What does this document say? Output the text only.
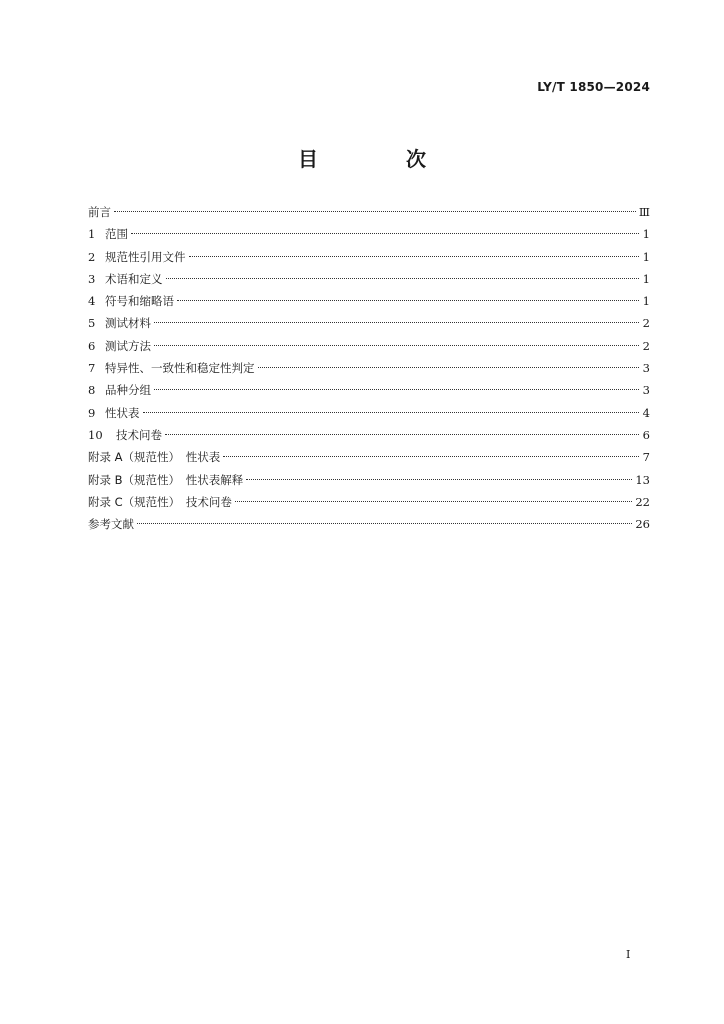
LY/T 1850—2024
目　次
前言	Ⅲ
1 范围	1
2 规范性引用文件	1
3 术语和定义	1
4 符号和缩略语	1
5 测试材料	2
6 测试方法	2
7 特异性、一致性和稳定性判定	3
8 品种分组	3
9 性状表	4
10	技术问卷	6
附录 A（规范性）　性状表	7
附录 B（规范性）　性状表解释	13
附录 C（规范性）　技术问卷	22
参考文献	26
I
